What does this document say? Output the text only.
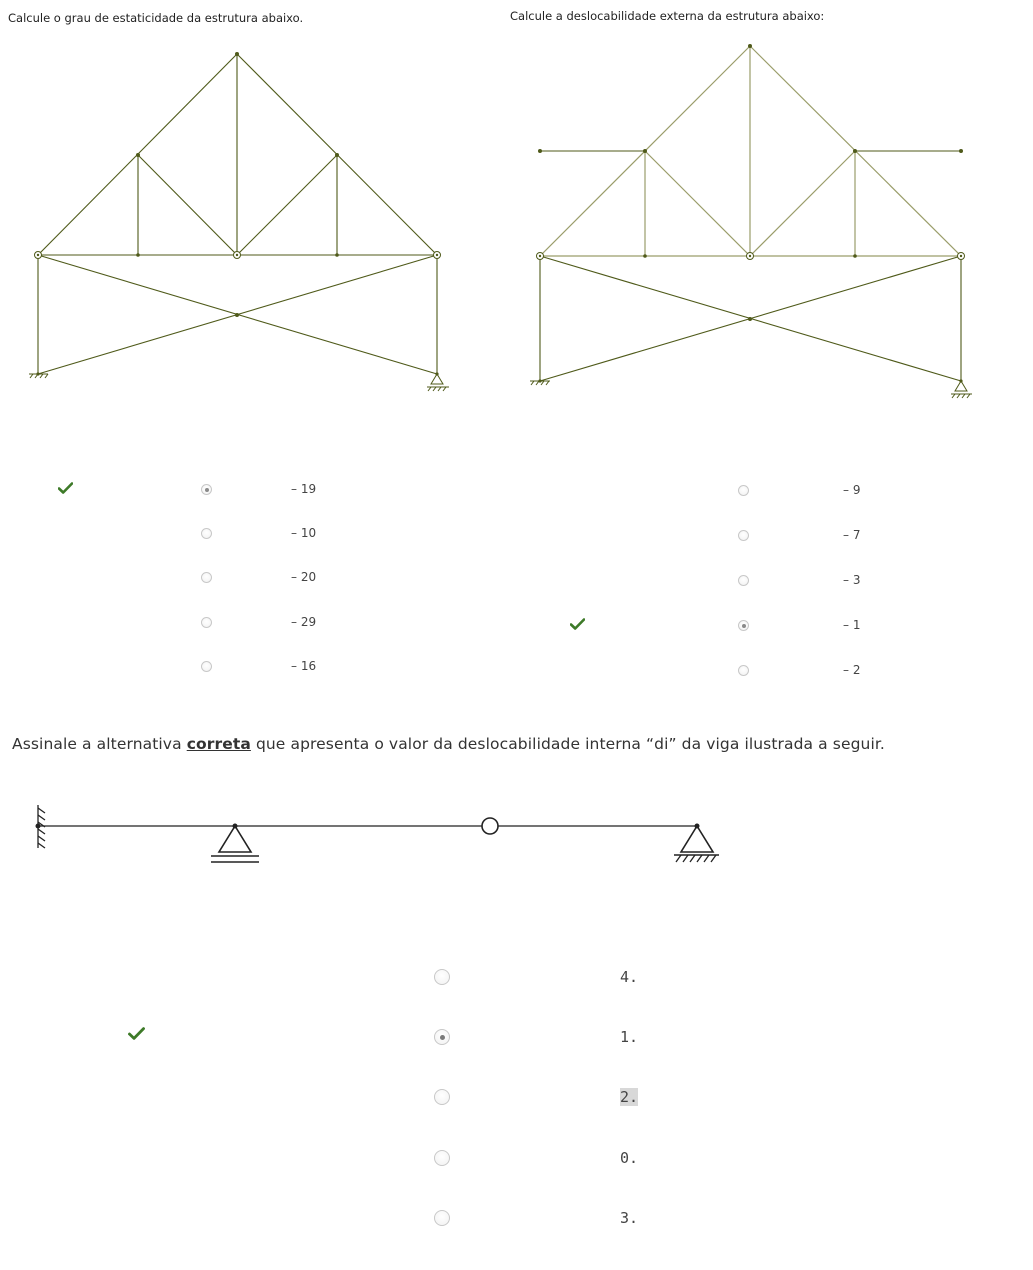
Calcule o grau de estaticidade da estrutura abaixo.	Calcule a deslocabilidade externa da estrutura abaixo:
– 19
– 10
– 20
– 29
– 16
– 9
– 7
– 3
– 1
– 2
Assinale a alternativa correta que apresenta o valor da deslocabilidade interna “di” da viga ilustrada a seguir.
4.
1.
2.
0.
3.
